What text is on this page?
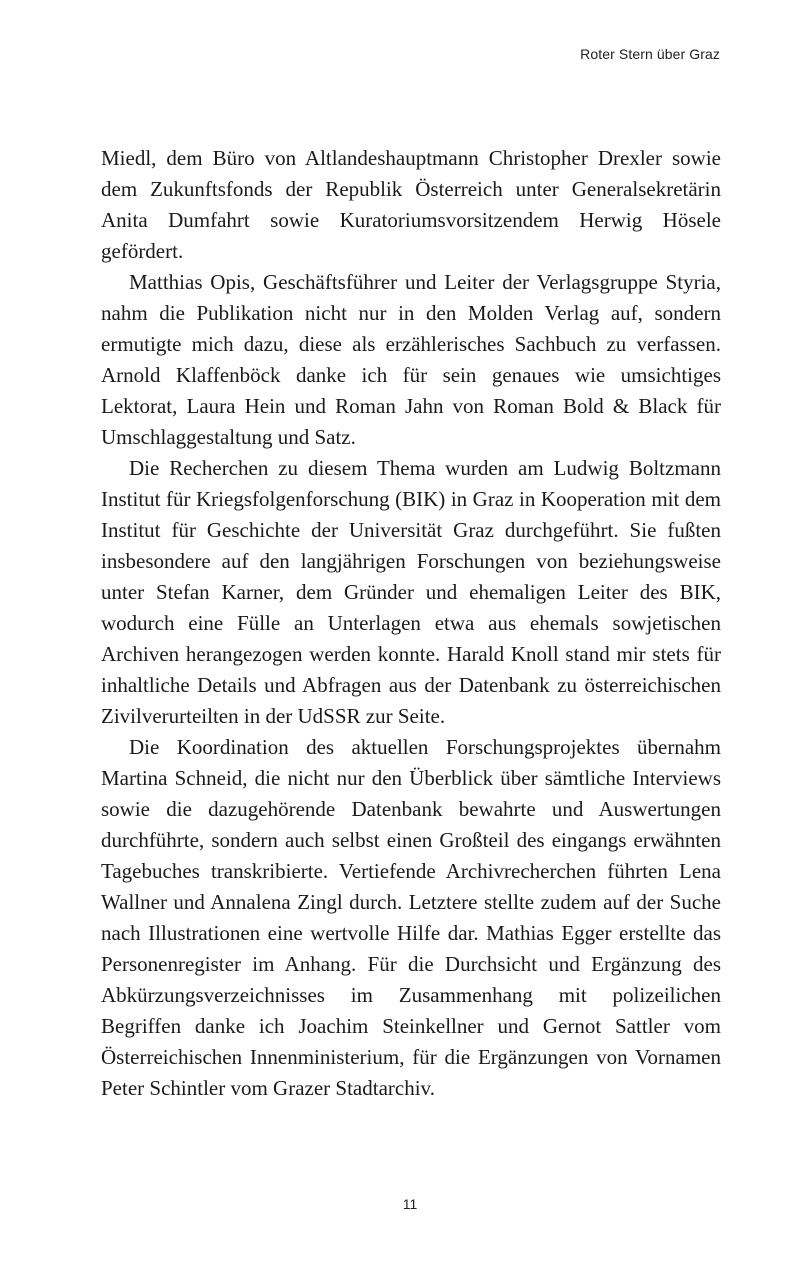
Roter Stern über Graz

Miedl, dem Büro von Altlandeshauptmann Christopher Drexler sowie dem Zukunftsfonds der Republik Österreich unter Generalsekretärin Anita Dumfahrt sowie Kuratoriumsvorsitzendem Herwig Hösele gefördert.

Matthias Opis, Geschäftsführer und Leiter der Verlagsgruppe Styria, nahm die Publikation nicht nur in den Molden Verlag auf, sondern ermutigte mich dazu, diese als erzählerisches Sachbuch zu verfassen. Arnold Klaffenböck danke ich für sein genaues wie umsichtiges Lektorat, Laura Hein und Roman Jahn von Roman Bold & Black für Umschlaggestaltung und Satz.

Die Recherchen zu diesem Thema wurden am Ludwig Boltzmann Institut für Kriegsfolgenforschung (BIK) in Graz in Kooperation mit dem Institut für Geschichte der Universität Graz durchgeführt. Sie fußten insbesondere auf den langjährigen Forschungen von beziehungsweise unter Stefan Karner, dem Gründer und ehemaligen Leiter des BIK, wodurch eine Fülle an Unterlagen etwa aus ehemals sowjetischen Archiven herangezogen werden konnte. Harald Knoll stand mir stets für inhaltliche Details und Abfragen aus der Datenbank zu österreichischen Zivilverurteilten in der UdSSR zur Seite.

Die Koordination des aktuellen Forschungsprojektes übernahm Martina Schneid, die nicht nur den Überblick über sämtliche Interviews sowie die dazugehörende Datenbank bewahrte und Auswertungen durchführte, sondern auch selbst einen Großteil des eingangs erwähnten Tagebuches transkribierte. Vertiefende Archivrecherchen führten Lena Wallner und Annalena Zingl durch. Letztere stellte zudem auf der Suche nach Illustrationen eine wertvolle Hilfe dar. Mathias Egger erstellte das Personenregister im Anhang. Für die Durchsicht und Ergänzung des Abkürzungsverzeichnisses im Zusammenhang mit polizeilichen Begriffen danke ich Joachim Steinkellner und Gernot Sattler vom Österreichischen Innenministerium, für die Ergänzungen von Vornamen Peter Schintler vom Grazer Stadtarchiv.

11
